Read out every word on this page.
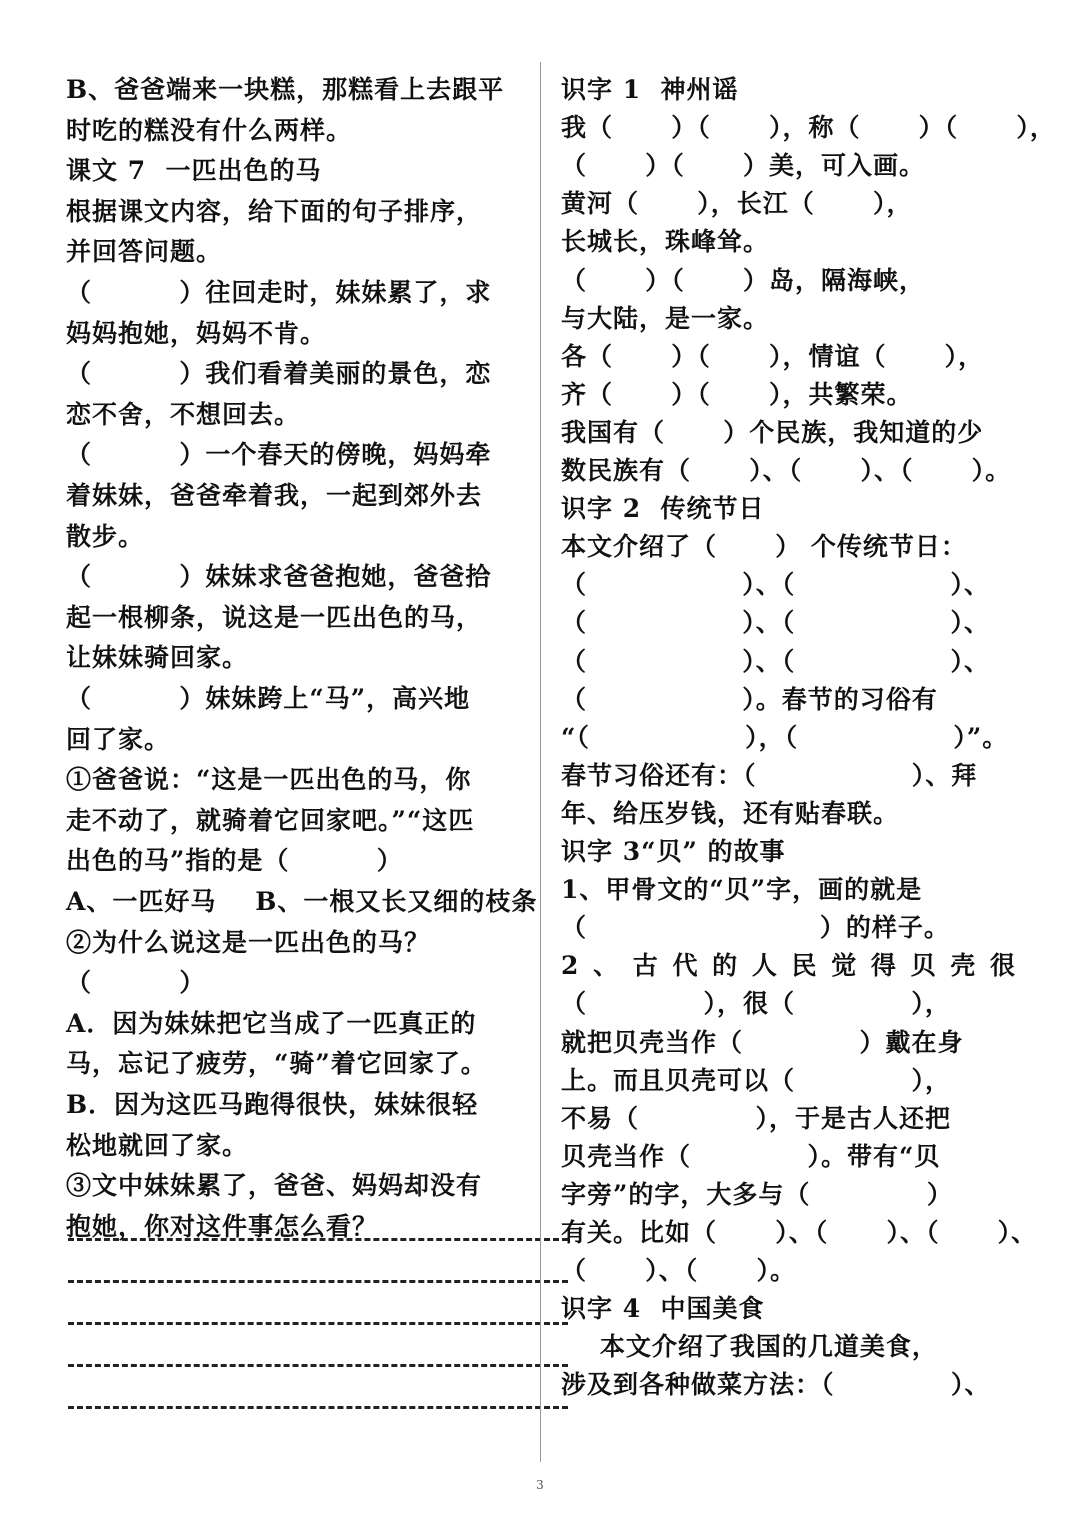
B、爸爸端来一块糕，那糕看上去跟平
时吃的糕没有什么两样。
课文 7  一匹出色的马
根据课文内容，给下面的句子排序，
并回答问题。
（         ）往回走时，妹妹累了，求
妈妈抱她，妈妈不肯。
（         ）我们看着美丽的景色，恋
恋不舍，不想回去。
（         ）一个春天的傍晚，妈妈牵
着妹妹，爸爸牵着我，一起到郊外去
散步。
（         ）妹妹求爸爸抱她，爸爸拾
起一根柳条，说这是一匹出色的马，
让妹妹骑回家。
（         ）妹妹跨上“马”，高兴地
回了家。
①爸爸说：“这是一匹出色的马，你
走不动了，就骑着它回家吧。”“这匹
出色的马”指的是（         ）
A、一匹好马    B、一根又长又细的枝条
②为什么说这是一匹出色的马？
（         ）
A．因为妹妹把它当成了一匹真正的
马，忘记了疲劳，“骑”着它回家了。
B．因为这匹马跑得很快，妹妹很轻
松地就回了家。
③文中妹妹累了，爸爸、妈妈却没有
抱她，你对这件事怎么看？
识字 1  神州谣
我（      ）（      ），称（      ）（      ），
（      ）（      ）美，可入画。
黄河（      ），长江（      ），
长城长，珠峰耸。
（      ）（      ）岛，隔海峡，
与大陆，是一家。
各（      ）（      ），情谊（      ），
齐（      ）（      ），共繁荣。
我国有（      ）个民族，我知道的少
数民族有（      ）、（      ）、（      ）。
识字 2  传统节日
本文介绍了（      ） 个传统节日：
（                ）、（                ）、
（                ）、（                ）、
（                ）、（                ）、
（                ）。春节的习俗有
“（                ），（                ）”。
春节习俗还有：（                ）、拜
年、给压岁钱，还有贴春联。
识字 3“贝” 的故事
1、甲骨文的“贝”字，画的就是
（                        ）的样子。
2 、 古 代 的 人 民 觉 得 贝 壳 很
（            ），很（            ），
就把贝壳当作（            ）戴在身
上。而且贝壳可以（            ），
不易（            ），于是古人还把
贝壳当作（            ）。带有“贝
字旁”的字，大多与（            ）
有关。比如（      ）、（      ）、（      ）、
（      ）、（      ）。
识字 4  中国美食
本文介绍了我国的几道美食，
涉及到各种做菜方法：（            ）、
3
